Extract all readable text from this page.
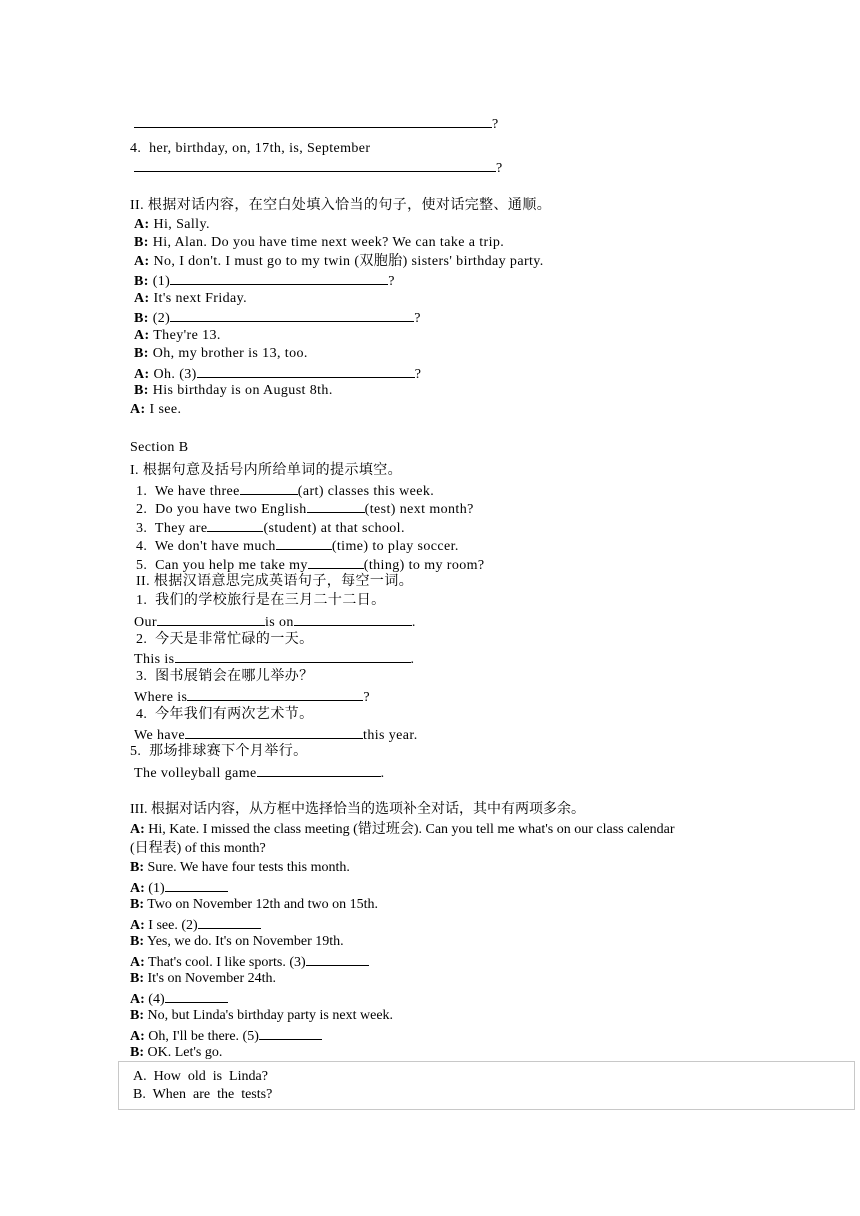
?
4. her, birthday, on, 17th, is, September
?
II. 根据对话内容，在空白处填入恰当的句子，使对话完整、通顺。
A: Hi, Sally.
B: Hi, Alan. Do you have time next week? We can take a trip.
A: No, I don't. I must go to my twin (双胞胎) sisters' birthday party.
B: (1)	?
A: It's next Friday.
B: (2)	?
A: They're 13.
B: Oh, my brother is 13, too.
A: Oh. (3)	?
B: His birthday is on August 8th.
A: I see.
Section B
I. 根据句意及括号内所给单词的提示填空。
1. We have three	(art) classes this week.
2. Do you have two English	(test) next month?
3. They are	(student) at that school.
4. We don't have much	(time) to play soccer.
5. Can you help me take my	(thing) to my room?
II. 根据汉语意思完成英语句子，每空一词。
1. 我们的学校旅行是在三月二十二日。
Our	is on	.
2. 今天是非常忙碌的一天。
This is	.
3. 图书展销会在哪儿举办？
Where is	?
4. 今年我们有两次艺术节。
We have	this year.
5. 那场排球赛下个月举行。
The volleyball game	.
III. 根据对话内容，从方框中选择恰当的选项补全对话，其中有两项多余。
A: Hi, Kate. I missed the class meeting (错过班会). Can you tell me what's on our class calendar
(日程表) of this month?
B: Sure. We have four tests this month.
A: (1)
B: Two on November 12th and two on 15th.
A: I see. (2)
B: Yes, we do. It's on November 19th.
A: That's cool. I like sports. (3)
B: It's on November 24th.
A: (4)
B: No, but Linda's birthday party is next week.
A: Oh, I'll be there. (5)
B: OK. Let's go.
A.  How  old  is  Linda?
B.  When  are  the  tests?
